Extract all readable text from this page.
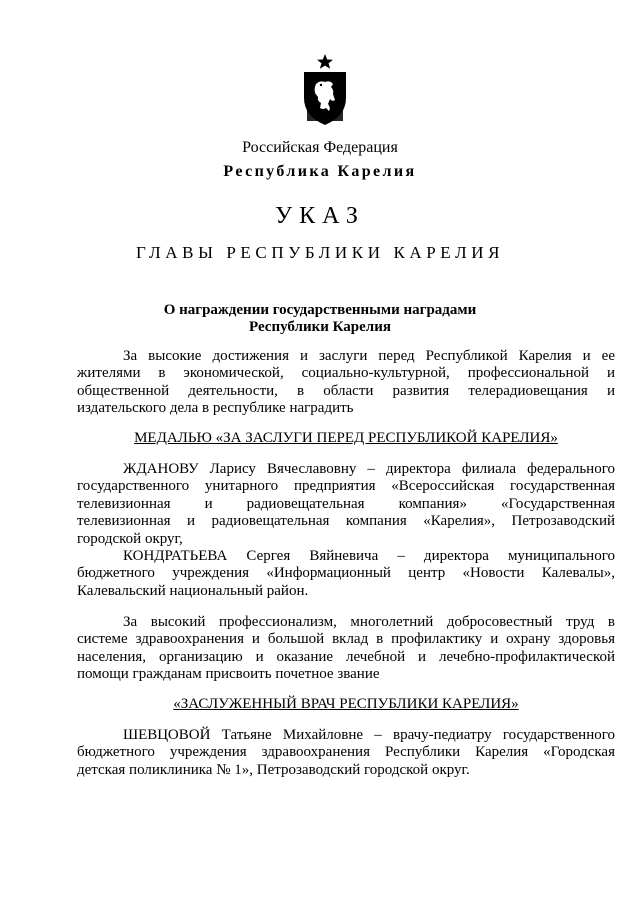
Российская Федерация
Республика Карелия
УКАЗ
ГЛАВЫ РЕСПУБЛИКИ КАРЕЛИЯ
О награждении государственными наградами
Республики Карелия
За высокие достижения и заслуги перед Республикой Карелия и ее
жителями в экономической, социально-культурной, профессиональной и
общественной деятельности, в области развития телерадиовещания и
издательского дела в республике наградить
МЕДАЛЬЮ «ЗА ЗАСЛУГИ ПЕРЕД РЕСПУБЛИКОЙ КАРЕЛИЯ»
ЖДАНОВУ Ларису Вячеславовну – директора филиала федерального
государственного унитарного предприятия «Всероссийская государственная
телевизионная и радиовещательная компания» «Государственная
телевизионная и радиовещательная компания «Карелия», Петрозаводский
городской округ,
КОНДРАТЬЕВА Сергея Вяйневича – директора муниципального
бюджетного учреждения «Информационный центр «Новости Калевалы»,
Калевальский национальный район.
За высокий профессионализм, многолетний добросовестный труд в
системе здравоохранения и большой вклад в профилактику и охрану здоровья
населения, организацию и оказание лечебной и лечебно-профилактической
помощи гражданам присвоить почетное звание
«ЗАСЛУЖЕННЫЙ ВРАЧ РЕСПУБЛИКИ КАРЕЛИЯ»
ШЕВЦОВОЙ Татьяне Михайловне – врачу-педиатру государственного
бюджетного учреждения здравоохранения Республики Карелия «Городская
детская поликлиника № 1», Петрозаводский городской округ.
